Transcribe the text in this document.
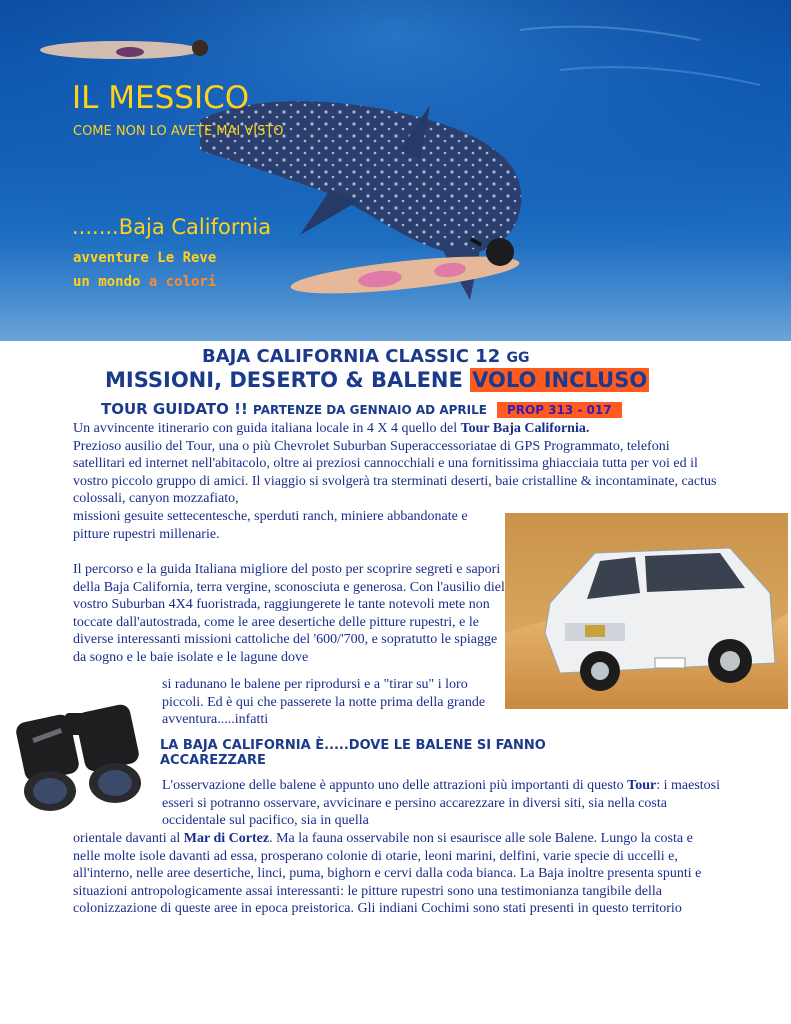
IL MESSICO
COME NON LO AVETE MAI VISTO
.......Baja California
avventure Le Reve
un mondo a colori
BAJA CALIFORNIA CLASSIC 12 GG
MISSIONI, DESERTO & BALENE VOLO INCLUSO
TOUR GUIDATO !! PARTENZE DA GENNAIO AD APRILE PROP 313 - 017
Un avvincente itinerario con guida italiana locale in 4 X 4 quello del Tour Baja California.
Prezioso ausilio del Tour, una o più Chevrolet Suburban Superaccessoriatae di GPS Programmato, telefoni satellitari ed internet nell'abitacolo, oltre ai preziosi cannocchiali e una fornitissima ghiacciaia tutta per voi ed il vostro piccolo gruppo di amici. Il viaggio si svolgerà tra sterminati deserti, baie cristalline & incontaminate, cactus colossali, canyon mozzafiato,
missioni gesuite settecentesche, sperduti ranch, miniere abbandonate e pitture rupestri millenarie.
Il percorso e la guida Italiana migliore del posto per scoprire segreti e sapori della Baja California, terra vergine, sconosciuta e generosa. Con l'ausilio diel vostro Suburban 4X4 fuoristrada, raggiungerete le tante notevoli mete non toccate dall'autostrada, come le aree desertiche delle pitture rupestri, e le diverse interessanti missioni cattoliche del '600/'700, e sopratutto le spiagge da sogno e le baie isolate e le lagune dove
si radunano le balene per riprodursi e a "tirar su" i loro piccoli. Ed è qui che passerete la notte prima della grande avventura.....infatti
LA BAJA CALIFORNIA È.....DOVE LE BALENE SI FANNO ACCAREZZARE
L'osservazione delle balene è appunto uno delle attrazioni più importanti di questo Tour: i maestosi esseri si potranno osservare, avvicinare e persino accarezzare in diversi siti, sia nella costa occidentale sul pacifico, sia in quella
orientale davanti al Mar di Cortez. Ma la fauna osservabile non si esaurisce alle sole Balene. Lungo la costa e nelle molte isole davanti ad essa, prosperano colonie di otarie, leoni marini, delfini, varie specie di uccelli e, all'interno, nelle aree desertiche, linci, puma, bighorn e cervi dalla coda bianca. La Baja inoltre presenta spunti e situazioni antropologicamente assai interessanti: le pitture rupestri sono una testimonianza tangibile della colonizzazione di queste aree in epoca preistorica. Gli indiani Cochimi sono stati presenti in questo territorio
